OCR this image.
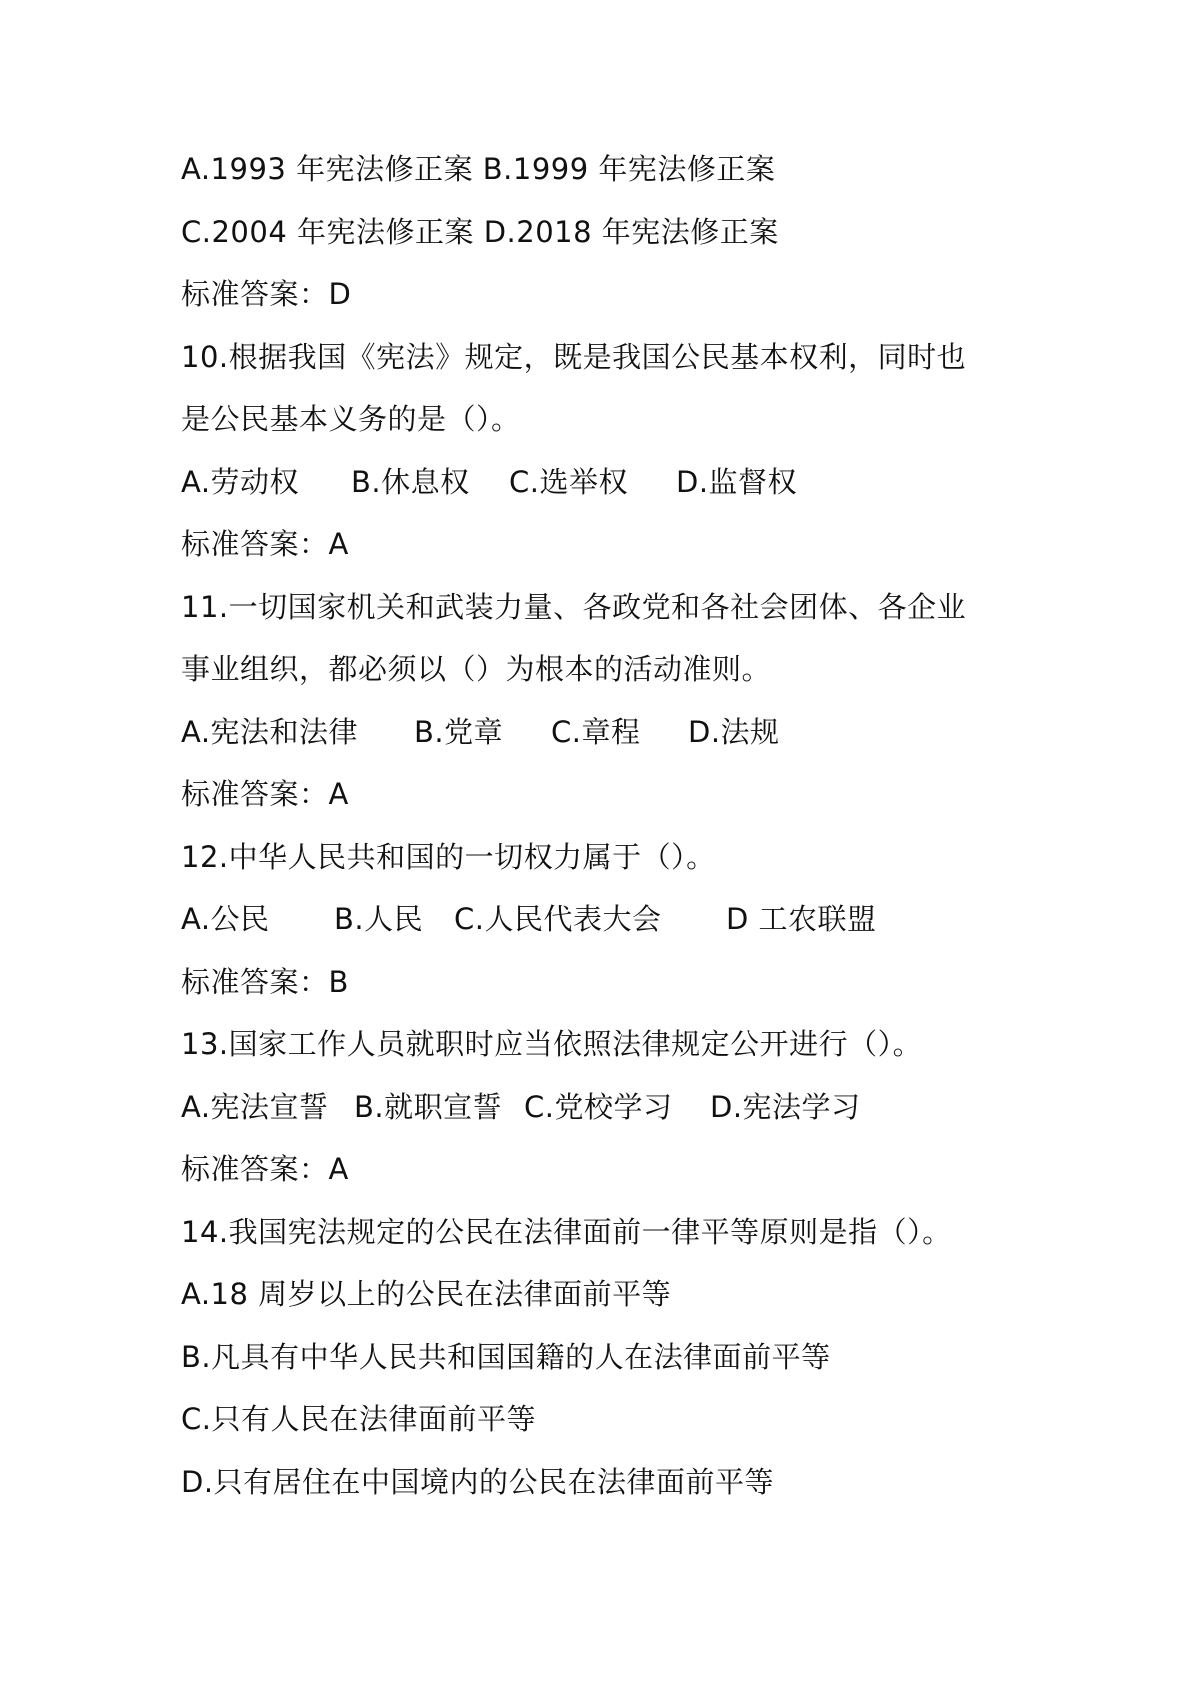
A.1993 年宪法修正案 B.1999 年宪法修正案
C.2004 年宪法修正案 D.2018 年宪法修正案
标准答案：D
10.根据我国《宪法》规定，既是我国公民基本权利，同时也
是公民基本义务的是（）。
A.劳动权	B.休息权	C.选举权	D.监督权
标准答案：A
11.一切国家机关和武装力量、各政党和各社会团体、各企业
事业组织，都必须以（）为根本的活动准则。
A.宪法和法律	B.党章	C.章程	D.法规
标准答案：A
12.中华人民共和国的一切权力属于（）。
A.公民	B.人民	C.人民代表大会	D 工农联盟
标准答案：B
13.国家工作人员就职时应当依照法律规定公开进行（）。
A.宪法宣誓 B.就职宣誓 C.党校学习	D.宪法学习
标准答案：A
14.我国宪法规定的公民在法律面前一律平等原则是指（）。
A.18 周岁以上的公民在法律面前平等
B.凡具有中华人民共和国国籍的人在法律面前平等
C.只有人民在法律面前平等
D.只有居住在中国境内的公民在法律面前平等
